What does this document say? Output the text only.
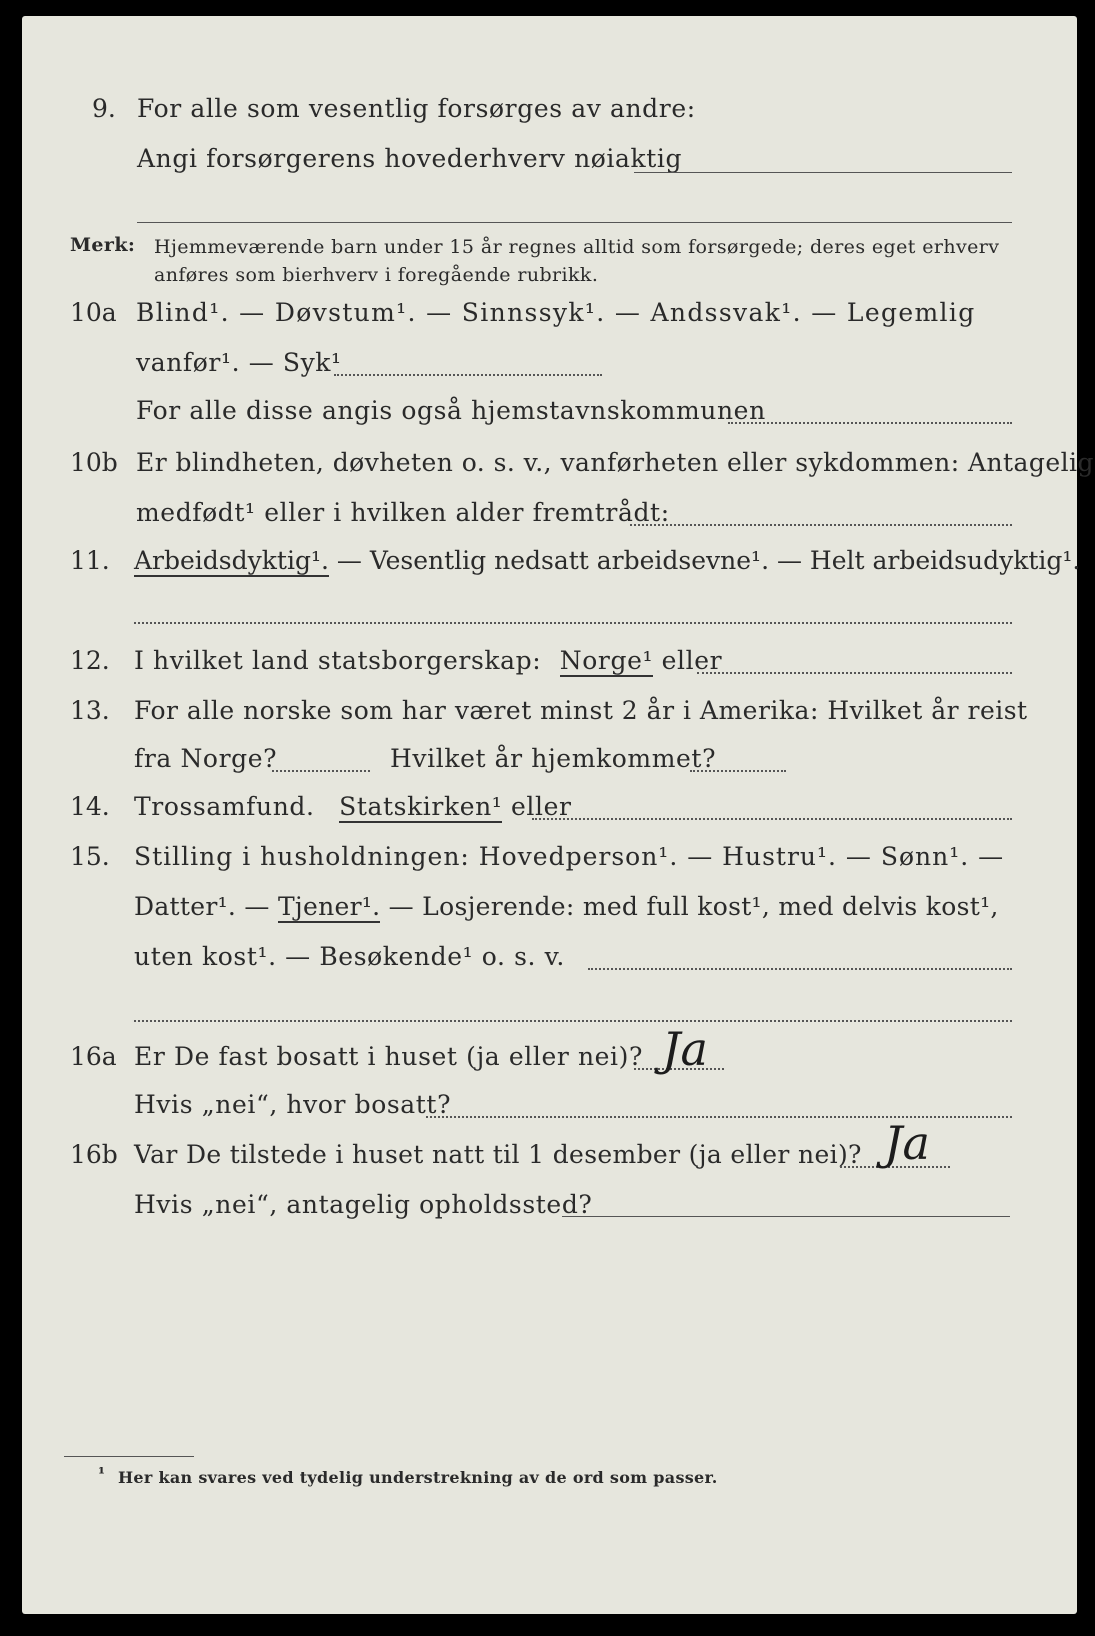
9. For alle som vesentlig forsørges av andre:
Angi forsørgerens hovederhverv nøiaktig
Merk: Hjemmeværende barn under 15 år regnes alltid som forsørgede; deres eget erhverv
anføres som bierhverv i foregående rubrikk.
10a Blind¹. — Døvstum¹. — Sinnssyk¹. — Andssvak¹. — Legemlig
vanfør¹. — Syk¹
For alle disse angis også hjemstavnskommunen
10b Er blindheten, døvheten o. s. v., vanførheten eller sykdommen: Antagelig
medfødt¹ eller i hvilken alder fremtrådt:
11. Arbeidsdyktig¹. — Vesentlig nedsatt arbeidsevne¹. — Helt arbeidsudyktig¹.
12. I hvilket land statsborgerskap: Norge¹ eller
13. For alle norske som har været minst 2 år i Amerika: Hvilket år reist
fra Norge?	Hvilket år hjemkommet?
14. Trossamfund. Statskirken¹ eller
15. Stilling i husholdningen: Hovedperson¹. — Hustru¹. — Sønn¹. —
Datter¹. — Tjener¹. — Losjerende: med full kost¹, med delvis kost¹,
uten kost¹. — Besøkende¹ o. s. v.
16a Er De fast bosatt i huset (ja eller nei)? Ja
Hvis „nei“, hvor bosatt?
16b Var De tilstede i huset natt til 1 desember (ja eller nei)? Ja
Hvis „nei“, antagelig opholdssted?
¹ Her kan svares ved tydelig understrekning av de ord som passer.
